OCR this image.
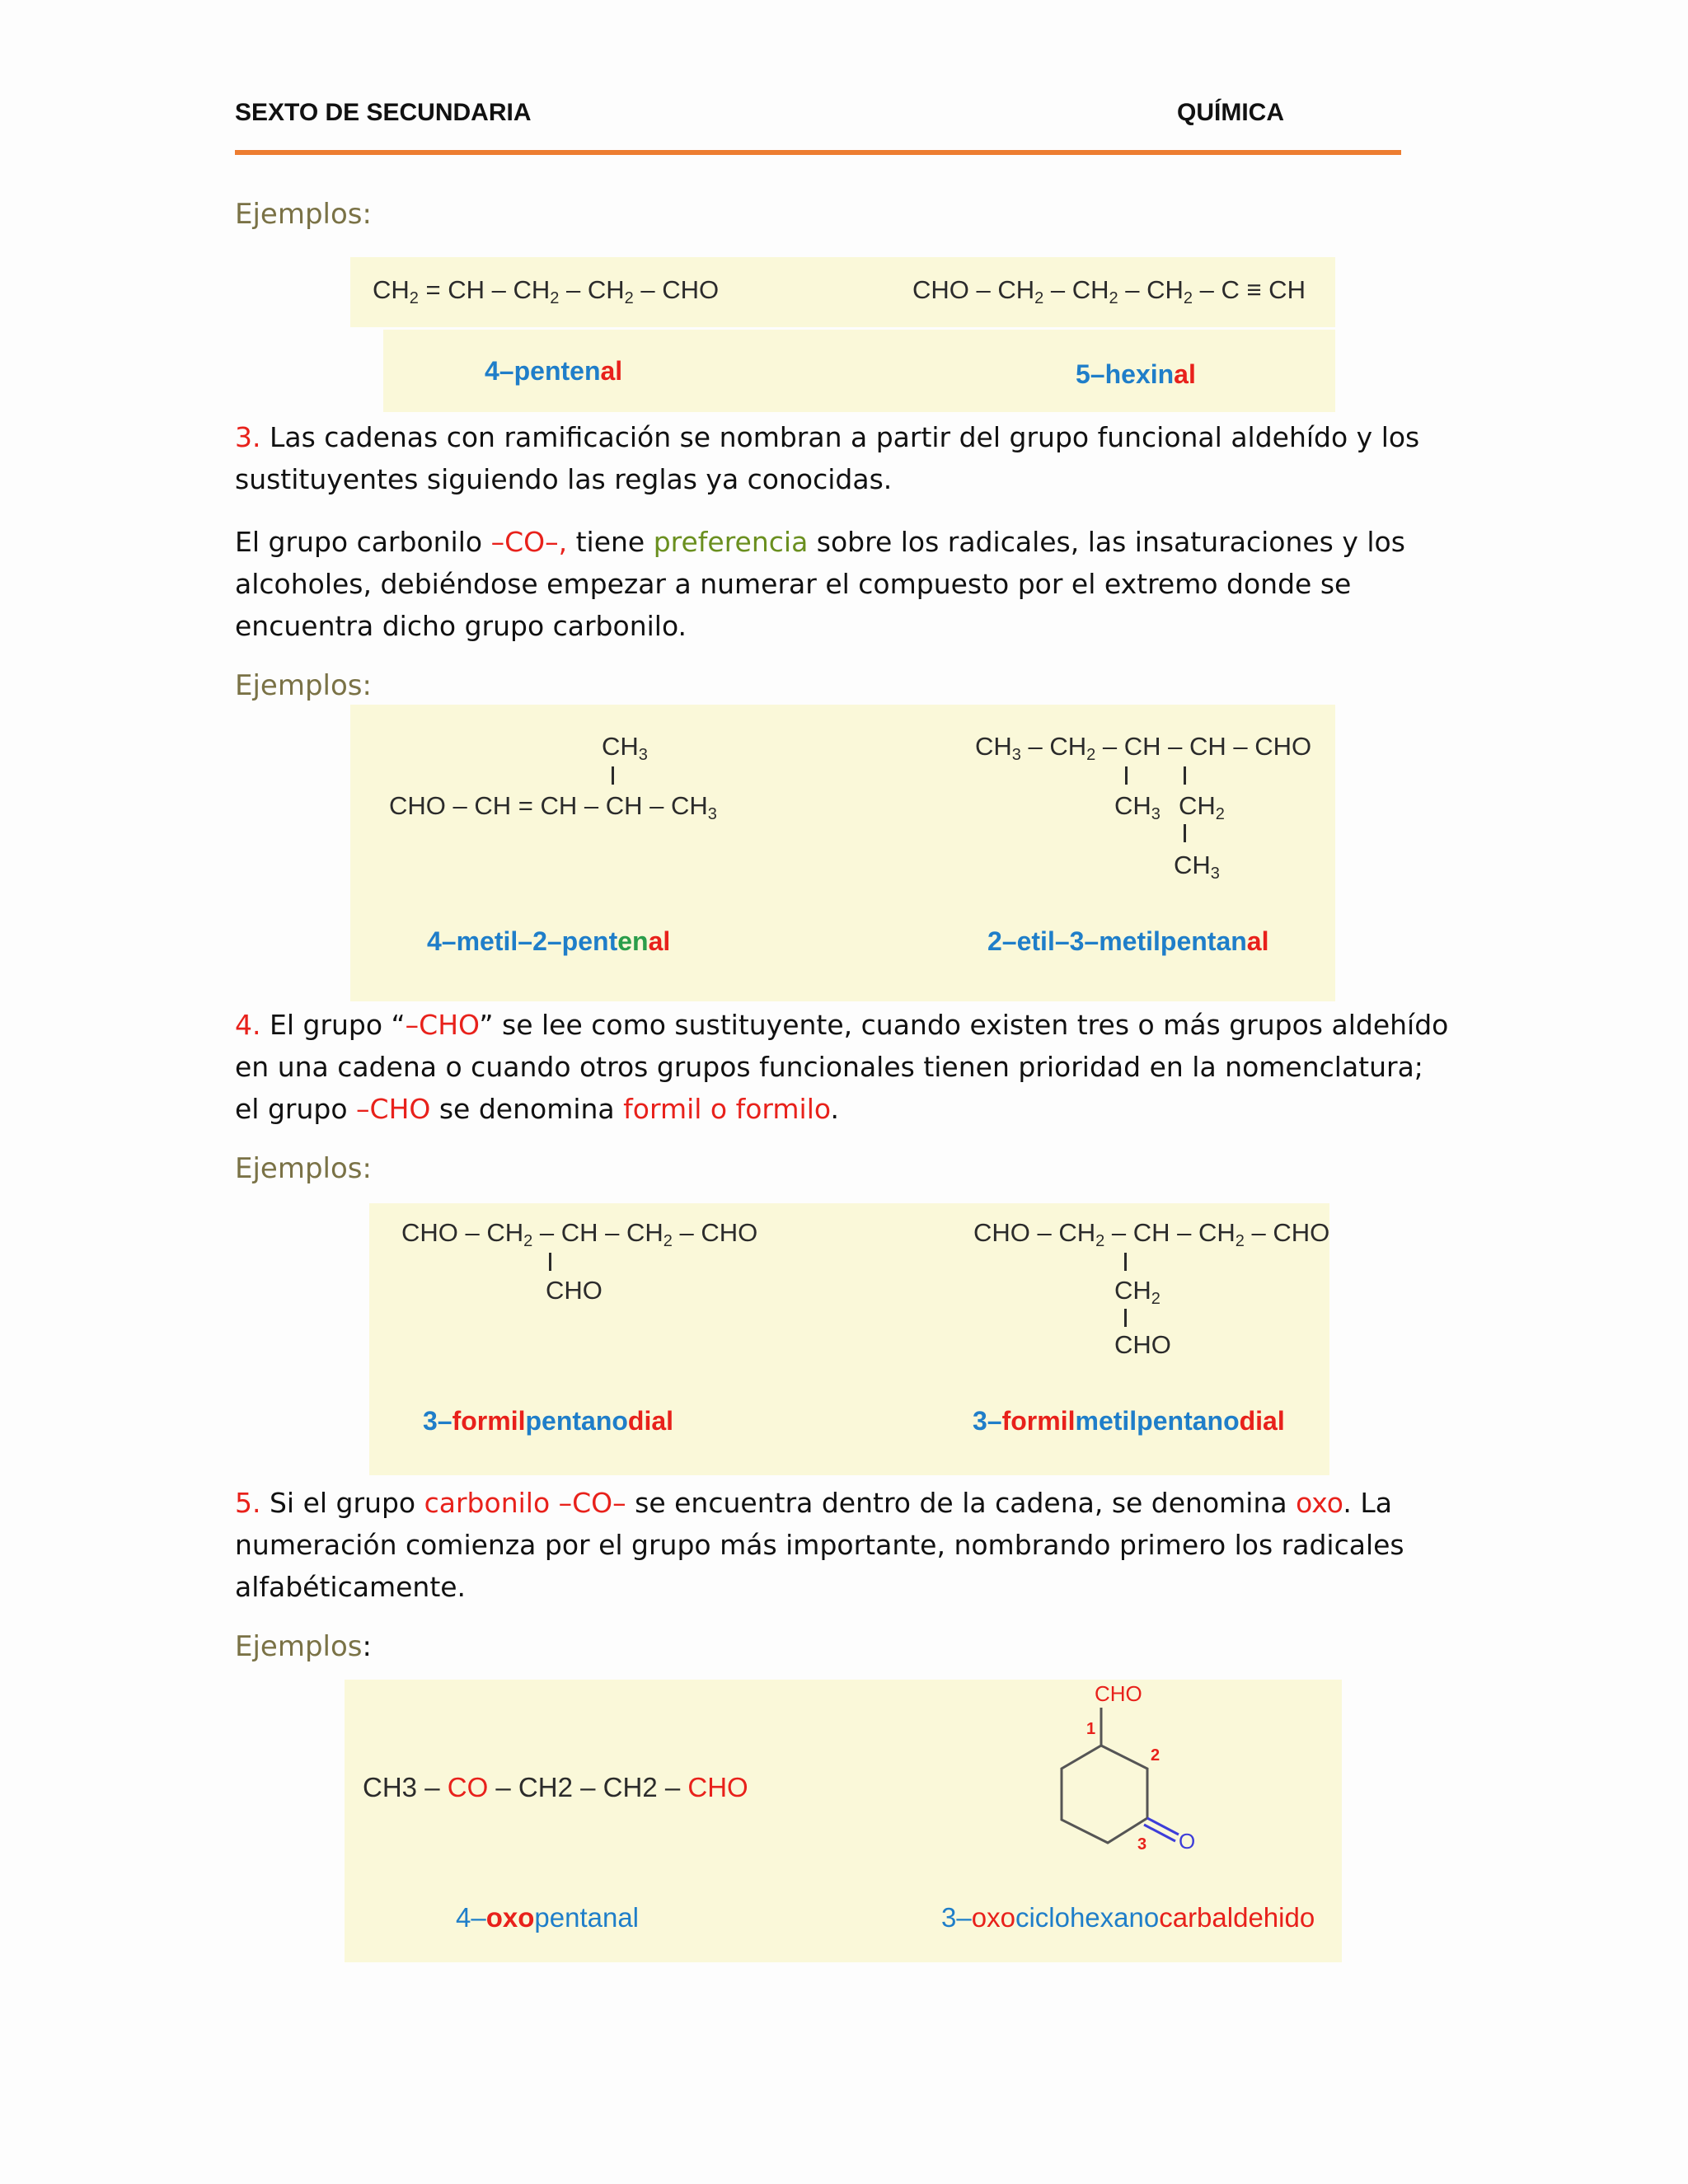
SEXTO DE SECUNDARIA	QUÍMICA
Ejemplos:
$CH_2$ = CH – $CH_2 - CH_2$ – CHO	CHO – $CH_2 - CH_2 - CH_2$ – C ≡ CH
4–pentenal	5–hexinal
3. Las cadenas con ramificación se nombran a partir del grupo funcional aldehído y los sustituyentes siguiendo las reglas ya conocidas.
El grupo carbonilo –CO–, tiene preferencia sobre los radicales, las insaturaciones y los alcoholes, debiéndose empezar a numerar el compuesto por el extremo donde se encuentra dicho grupo carbonilo.
Ejemplos:
$CH_3$
CHO – CH = CH – CH – $CH_3$
$CH_3 - CH_2$ – CH – CH – CHO
$CH_3$ $CH_2$
$CH_3$
4–metil–2–pentenal	2–etil–3–metilpentanal
4. El grupo “–CHO” se lee como sustituyente, cuando existen tres o más grupos aldehído en una cadena o cuando otros grupos funcionales tienen prioridad en la nomenclatura; el grupo –CHO se denomina formil o formilo.
Ejemplos:
CHO – $CH_2$ – CH – $CH_2$ – CHO
CHO
CHO – $CH_2$ – CH – $CH_2$ – CHO
$CH_2$
CHO
3–formilpentanodial	3–formilmetilpentanodial
5. Si el grupo carbonilo –CO– se encuentra dentro de la cadena, se denomina oxo. La numeración comienza por el grupo más importante, nombrando primero los radicales alfabéticamente.
Ejemplos:
CH3 – CO – CH2 – CH2 – CHO
CHO
O
1
2
3
4–oxopentanal	3–oxociclohexanocarbaldehido
